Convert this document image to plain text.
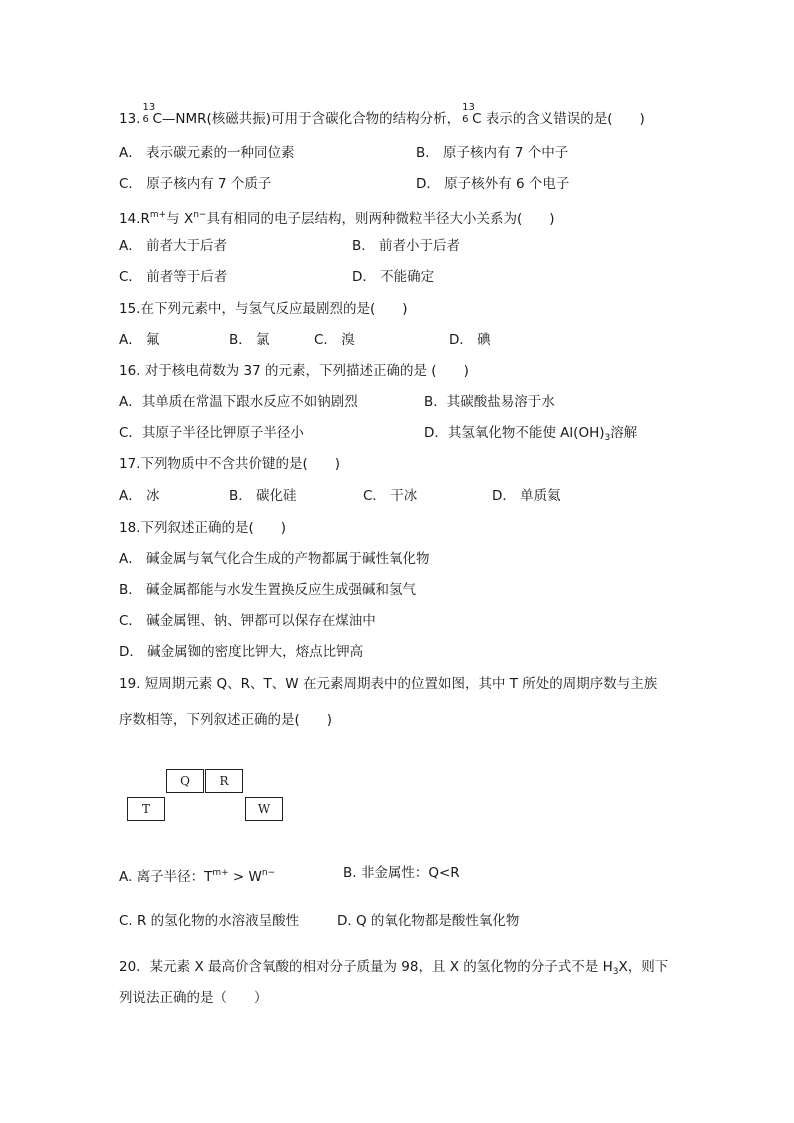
13.
13
6 C—NMR(核磁共振)可用于含碳化合物的结构分析，
13
6 C 表示的含义错误的是(　　)
A． 表示碳元素的一种同位素	B． 原子核内有 7 个中子
C． 原子核内有 7 个质子	D． 原子核外有 6 个电子
$14.R^{m+}$与 $X^{n-}$具有相同的电子层结构，则两种微粒半径大小关系为(　　)
A． 前者大于后者	B． 前者小于后者
C． 前者等于后者	D． 不能确定
15.在下列元素中，与氢气反应最剧烈的是(　　)
A． 氟	B． 氯	C． 溴	D． 碘
16. 对于核电荷数为 37 的元素，下列描述正确的是 (　　)
A．其单质在常温下跟水反应不如钠剧烈	B．其碳酸盐易溶于水
C．其原子半径比钾原子半径小	D．其氢氧化物不能使 $Al(OH)_3$溶解
17.下列物质中不含共价键的是(　　)
A． 冰	B． 碳化硅	C． 干冰	D． 单质氦
18.下列叙述正确的是(　　)
A． 碱金属与氧气化合生成的产物都属于碱性氧化物
B． 碱金属都能与水发生置换反应生成强碱和氢气
C． 碱金属锂、钠、钾都可以保存在煤油中
D． 碱金属铷的密度比钾大，熔点比钾高
19. 短周期元素 Q、R、T、W 在元素周期表中的位置如图，其中 T 所处的周期序数与主族
序数相等，下列叙述正确的是(　　)
Q	R
T	W
A. 离子半径：$T^{m+} > W^{n-}$	B. 非金属性：Q<R
C. R 的氢化物的水溶液呈酸性	D. Q 的氧化物都是酸性氧化物
20．某元素 X 最高价含氧酸的相对分子质量为 98，且 X 的氢化物的分子式不是 $H_3X$，则下
列说法正确的是（　　）
